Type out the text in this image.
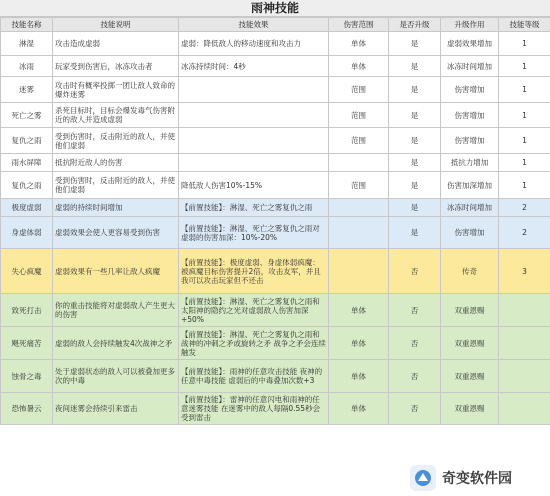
雨神技能
技能名称	技能说明	技能效果	伤害范围	是否升级	升级作用	技能等级
淋湿	攻击造成虚弱	虚弱：降低敌人的移动速度和攻击力	单体	是	虚弱效果增加	1
冰雨	玩家受到伤害后，冰冻攻击者	冰冻持续时间：4秒	单体	是	冰冻时间增加	1
迷雾	攻击时有概率投掷一团让敌人致命的爆炸迷雾		范围	是	伤害增加	1
死亡之雾	杀死目标时，目标会爆发毒气伤害附近的敌人并造成虚弱		范围	是	伤害增加	1
复仇之雨	受到伤害时，反击附近的敌人，并使他们虚弱		范围	是	伤害增加	1
雨水屏障	抵抗附近敌人的伤害			是	抵抗力增加	1
复仇之雨	受到伤害时，反击附近的敌人，并使他们虚弱	降低敌人伤害10%-15%	范围	是	伤害加深增加	1
极度虚弱	虚弱的持续时间增加	【前置技能】：淋湿、死亡之雾复仇之雨		是	冰冻时间增加	2
身虚体弱	虚弱效果会使人更容易受到伤害	【前置技能】：淋湿、死亡之雾复仇之雨对虚弱的伤害加深：10%-20%		是	伤害增加	2
失心疯魔	虚弱效果有一些几率让敌人疯魔	【前置技能】：极度虚弱、身虚体弱疯魔：被疯魔目标伤害提升2倍，攻击友军，并且我可以攻击玩家但不还击		否	传奇	3
致死打击	你的重击技能将对虚弱敌人产生更大的伤害	【前置技能】：淋湿、死亡之雾复仇之雨和太阳神的隐约之光对虚弱敌人伤害加深+50%	单体	否	双重恩赐	
飓死痛苦	虚弱的敌人会持续触发4次战神之矛	【前置技能】：淋湿、死亡之雾复仇之雨和战神的冲刺之矛或旋转之矛 战争之矛会连续触发	单体	否	双重恩赐	
蚀骨之毒	处于虚弱状态的敌人可以被叠加更多次的中毒	【前置技能】：雨神的任意攻击技能 夜神的任意中毒技能 虚弱后的中毒叠加次数+3	单体	否	双重恩赐	
恐怖暑云	夜间迷雾会持续引来雷击	【前置技能】：雷神的任意闪电和雨神的任意迷雾技能 在迷雾中的敌人每隔0.55秒会受到雷击	单体	否	双重恩赐	
奇变软件园
